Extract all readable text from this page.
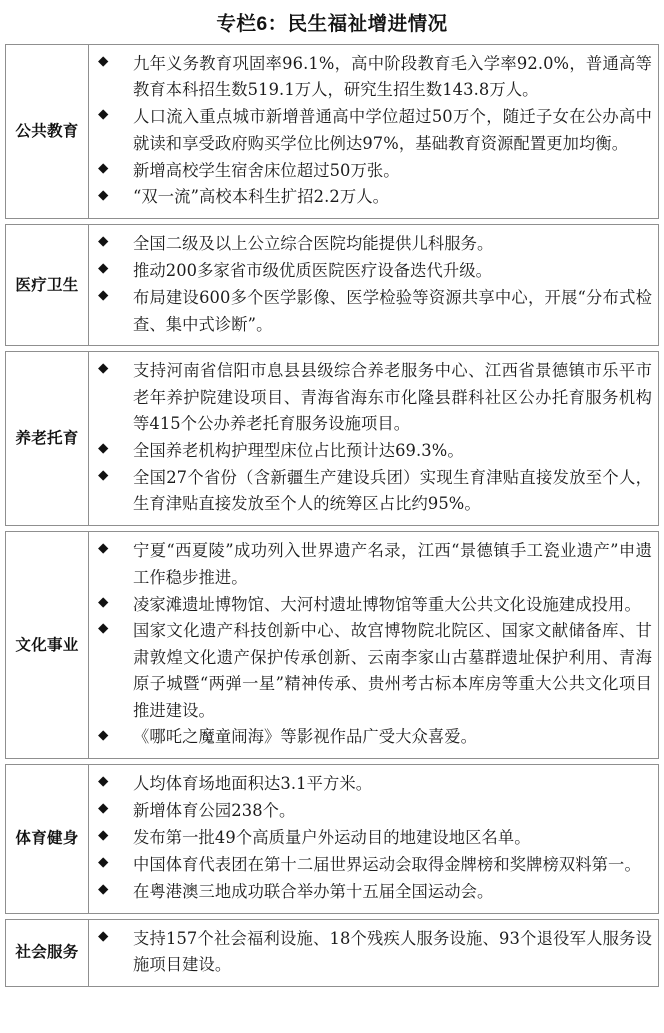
专栏6：民生福祉增进情况
公共教育
◆ 九年义务教育巩固率96.1%，高中阶段教育毛入学率92.0%，普通高等教育本科招生数519.1万人，研究生招生数143.8万人。
◆ 人口流入重点城市新增普通高中学位超过50万个，随迁子女在公办高中就读和享受政府购买学位比例达97%，基础教育资源配置更加均衡。
◆ 新增高校学生宿舍床位超过50万张。
◆ “双一流”高校本科生扩招2.2万人。
医疗卫生
◆ 全国二级及以上公立综合医院均能提供儿科服务。
◆ 推动200多家省市级优质医院医疗设备迭代升级。
◆ 布局建设600多个医学影像、医学检验等资源共享中心，开展“分布式检查、集中式诊断”。
养老托育
◆ 支持河南省信阳市息县县级综合养老服务中心、江西省景德镇市乐平市老年养护院建设项目、青海省海东市化隆县群科社区公办托育服务机构等415个公办养老托育服务设施项目。
◆ 全国养老机构护理型床位占比预计达69.3%。
◆ 全国27个省份（含新疆生产建设兵团）实现生育津贴直接发放至个人，生育津贴直接发放至个人的统筹区占比约95%。
文化事业
◆ 宁夏“西夏陵”成功列入世界遗产名录，江西“景德镇手工瓷业遗产”申遗工作稳步推进。
◆ 凌家滩遗址博物馆、大河村遗址博物馆等重大公共文化设施建成投用。
◆ 国家文化遗产科技创新中心、故宫博物院北院区、国家文献储备库、甘肃敦煌文化遗产保护传承创新、云南李家山古墓群遗址保护利用、青海原子城暨“两弹一星”精神传承、贵州考古标本库房等重大公共文化项目推进建设。
◆ 《哪吒之魔童闹海》等影视作品广受大众喜爱。
体育健身
◆ 人均体育场地面积达3.1平方米。
◆ 新增体育公园238个。
◆ 发布第一批49个高质量户外运动目的地建设地区名单。
◆ 中国体育代表团在第十二届世界运动会取得金牌榜和奖牌榜双料第一。
◆ 在粤港澳三地成功联合举办第十五届全国运动会。
社会服务
◆ 支持157个社会福利设施、18个残疾人服务设施、93个退役军人服务设施项目建设。
